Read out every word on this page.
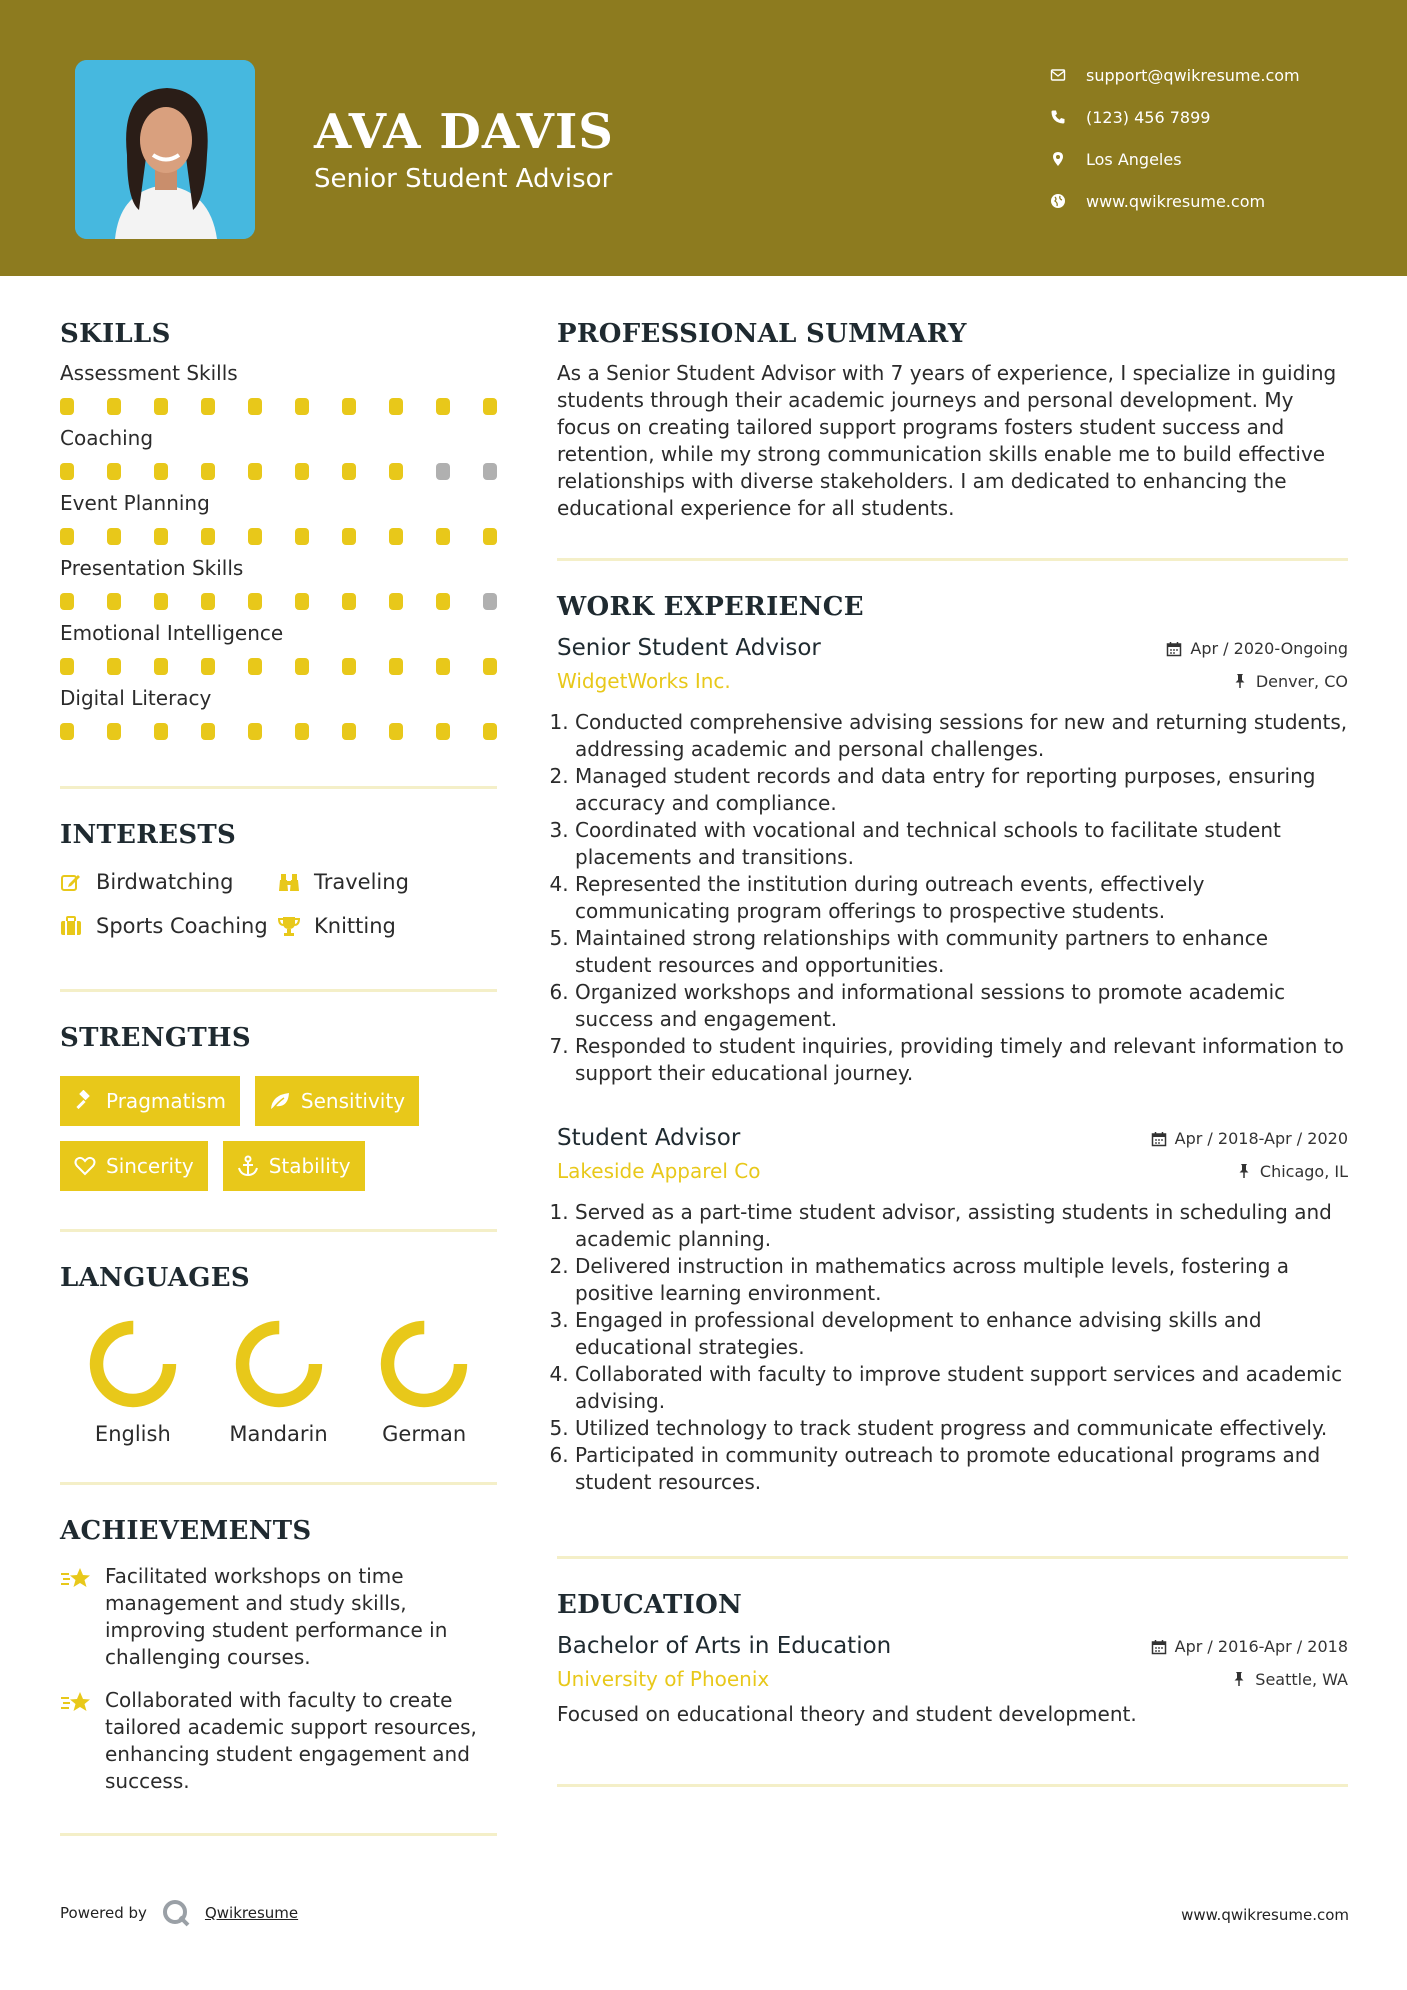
AVA DAVIS
Senior Student Advisor
support@qwikresume.com
(123) 456 7899
Los Angeles
www.qwikresume.com
SKILLS
Assessment Skills
Coaching
Event Planning
Presentation Skills
Emotional Intelligence
Digital Literacy
INTERESTS
Birdwatching	Traveling
Sports Coaching Knitting
STRENGTHS
Pragmatism	Sensitivity
Sincerity	Stability
LANGUAGES
English	Mandarin	German
ACHIEVEMENTS
Facilitated workshops on time management and study skills, improving student performance in challenging courses.
Collaborated with faculty to create tailored academic support resources, enhancing student engagement and success.
Powered by	Qwikresume	www.qwikresume.com
PROFESSIONAL SUMMARY
As a Senior Student Advisor with 7 years of experience, I specialize in guiding students through their academic journeys and personal development. My focus on creating tailored support programs fosters student success and retention, while my strong communication skills enable me to build effective relationships with diverse stakeholders. I am dedicated to enhancing the educational experience for all students.
WORK EXPERIENCE
Senior Student Advisor	Apr / 2020-Ongoing
WidgetWorks Inc.	Denver, CO
1. Conducted comprehensive advising sessions for new and returning students, addressing academic and personal challenges.
2. Managed student records and data entry for reporting purposes, ensuring accuracy and compliance.
3. Coordinated with vocational and technical schools to facilitate student placements and transitions.
4. Represented the institution during outreach events, effectively communicating program offerings to prospective students.
5. Maintained strong relationships with community partners to enhance student resources and opportunities.
6. Organized workshops and informational sessions to promote academic success and engagement.
7. Responded to student inquiries, providing timely and relevant information to support their educational journey.
Student Advisor	Apr / 2018-Apr / 2020
Lakeside Apparel Co	Chicago, IL
1. Served as a part-time student advisor, assisting students in scheduling and academic planning.
2. Delivered instruction in mathematics across multiple levels, fostering a positive learning environment.
3. Engaged in professional development to enhance advising skills and educational strategies.
4. Collaborated with faculty to improve student support services and academic advising.
5. Utilized technology to track student progress and communicate effectively.
6. Participated in community outreach to promote educational programs and student resources.
EDUCATION
Bachelor of Arts in Education	Apr / 2016-Apr / 2018
University of Phoenix	Seattle, WA
Focused on educational theory and student development.
